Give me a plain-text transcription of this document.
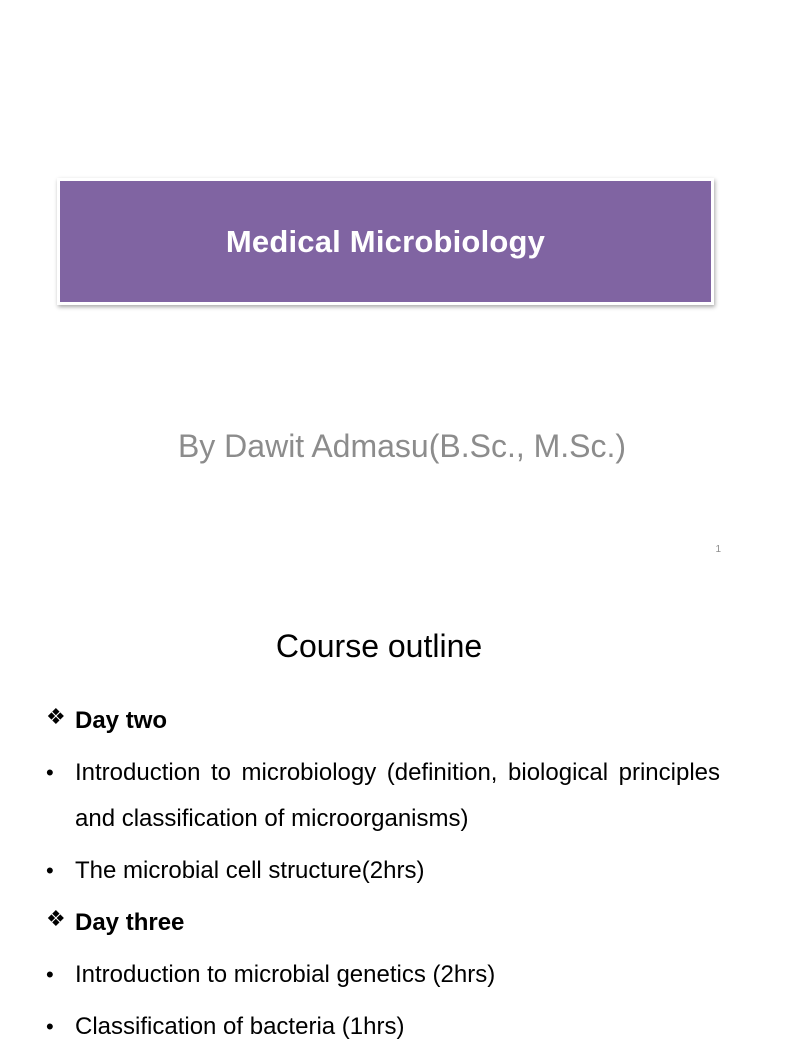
Medical Microbiology
By Dawit Admasu(B.Sc., M.Sc.)
1
Course outline
❖ Day two
• Introduction to microbiology (definition, biological principles and classification of microorganisms)
• The microbial cell structure(2hrs)
❖ Day three
• Introduction to microbial genetics (2hrs)
• Classification of bacteria (1hrs)
